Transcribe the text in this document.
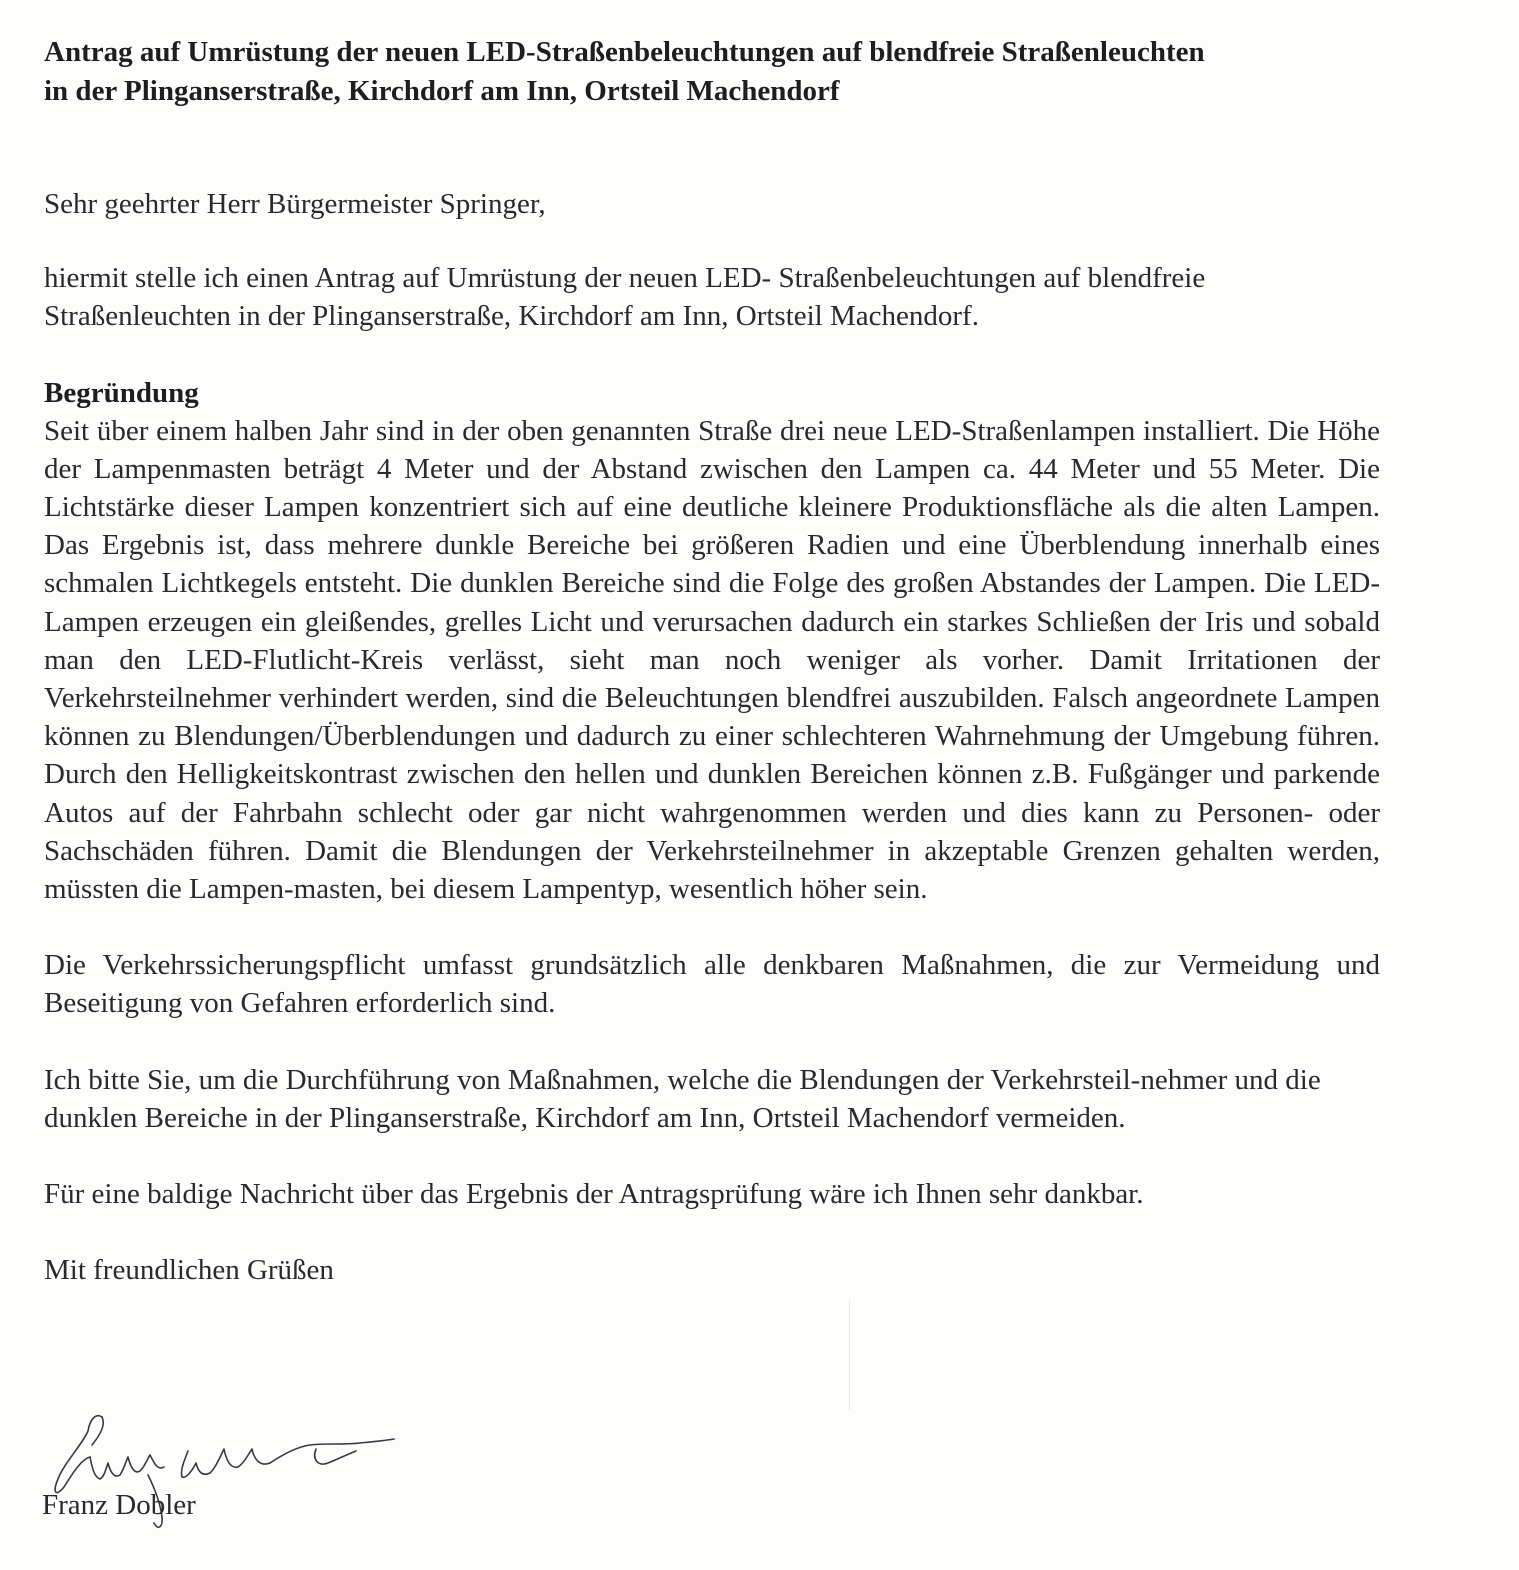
Antrag auf Umrüstung der neuen LED-Straßenbeleuchtungen auf blendfreie Straßenleuchten
in der Plinganserstraße, Kirchdorf am Inn, Ortsteil Machendorf

Sehr geehrter Herr Bürgermeister Springer,

hiermit stelle ich einen Antrag auf Umrüstung der neuen LED- Straßenbeleuchtungen auf blendfreie Straßenleuchten in der Plinganserstraße, Kirchdorf am Inn, Ortsteil Machendorf.

Begründung

Seit über einem halben Jahr sind in der oben genannten Straße drei neue LED-Straßenlampen installiert. Die Höhe der Lampenmasten beträgt 4 Meter und der Abstand zwischen den Lampen ca. 44 Meter und 55 Meter. Die Lichtstärke dieser Lampen konzentriert sich auf eine deutliche kleinere Produktionsfläche als die alten Lampen. Das Ergebnis ist, dass mehrere dunkle Bereiche bei größeren Radien und eine Überblendung innerhalb eines schmalen Lichtkegels entsteht. Die dunklen Bereiche sind die Folge des großen Abstandes der Lampen. Die LED-Lampen erzeugen ein gleißendes, grelles Licht und verursachen dadurch ein starkes Schließen der Iris und sobald man den LED-Flutlicht-Kreis verlässt, sieht man noch weniger als vorher. Damit Irritationen der Verkehrsteilnehmer verhindert werden, sind die Beleuchtungen blendfrei auszubilden. Falsch angeordnete Lampen können zu Blendungen/Überblendungen und dadurch zu einer schlechteren Wahrnehmung der Umgebung führen. Durch den Helligkeitskontrast zwischen den hellen und dunklen Bereichen können z.B. Fußgänger und parkende Autos auf der Fahrbahn schlecht oder gar nicht wahrgenommen werden und dies kann zu Personen- oder Sachschäden führen. Damit die Blendungen der Verkehrsteilnehmer in akzeptable Grenzen gehalten werden, müssten die Lampen-masten, bei diesem Lampentyp, wesentlich höher sein.

Die Verkehrssicherungspflicht umfasst grundsätzlich alle denkbaren Maßnahmen, die zur Vermeidung und Beseitigung von Gefahren erforderlich sind.

Ich bitte Sie, um die Durchführung von Maßnahmen, welche die Blendungen der Verkehrsteil-nehmer und die dunklen Bereiche in der Plinganserstraße, Kirchdorf am Inn, Ortsteil Machendorf vermeiden.

Für eine baldige Nachricht über das Ergebnis der Antragsprüfung wäre ich Ihnen sehr dankbar.

Mit freundlichen Grüßen

Franz Dobler
